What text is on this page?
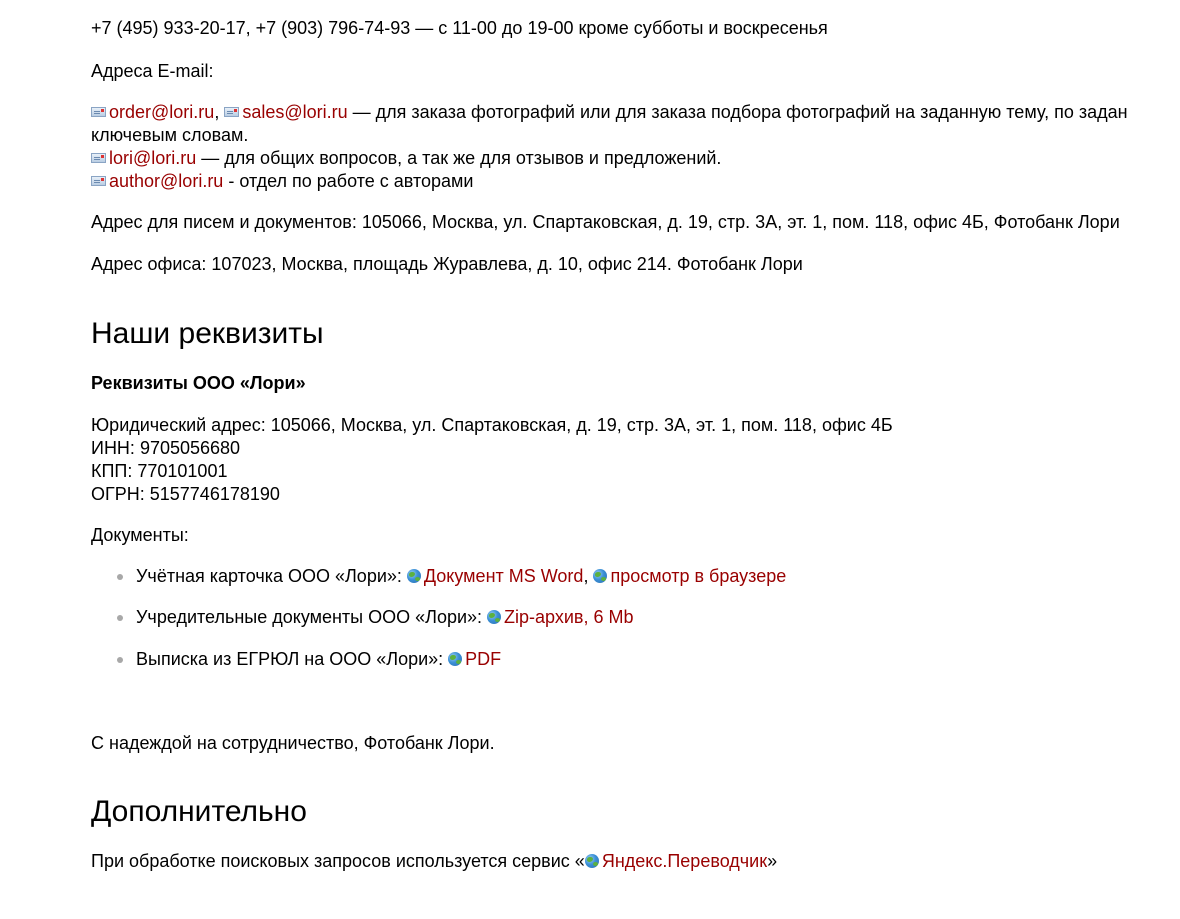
+7 (495) 933-20-17, +7 (903) 796-74-93 — с 11-00 до 19-00 кроме субботы и воскресенья

Адреса E-mail:

order@lori.ru, sales@lori.ru — для заказа фотографий или для заказа подбора фотографий на заданную тему, по задан

ключевым словам.

lori@lori.ru — для общих вопросов, а так же для отзывов и предложений.

author@lori.ru - отдел по работе с авторами

Адрес для писем и документов: 105066, Москва, ул. Спартаковская, д. 19, стр. 3А, эт. 1, пом. 118, офис 4Б, Фотобанк Лори

Адрес офиса: 107023, Москва, площадь Журавлева, д. 10, офис 214. Фотобанк Лори

Наши реквизиты
Реквизиты ООО «Лори»

Юридический адрес: 105066, Москва, ул. Спартаковская, д. 19, стр. 3А, эт. 1, пом. 118, офис 4Б

ИНН: 9705056680

КПП: 770101001

ОГРН: 5157746178190

Документы:

Учётная карточка ООО «Лори»: Документ MS Word, просмотр в браузере
Учредительные документы ООО «Лори»: Zip-архив, 6 Mb
Выписка из ЕГРЮЛ на ООО «Лори»: PDF

С надеждой на сотрудничество, Фотобанк Лори.

Дополнительно

При обработке поисковых запросов используется сервис « Яндекс.Переводчик»
